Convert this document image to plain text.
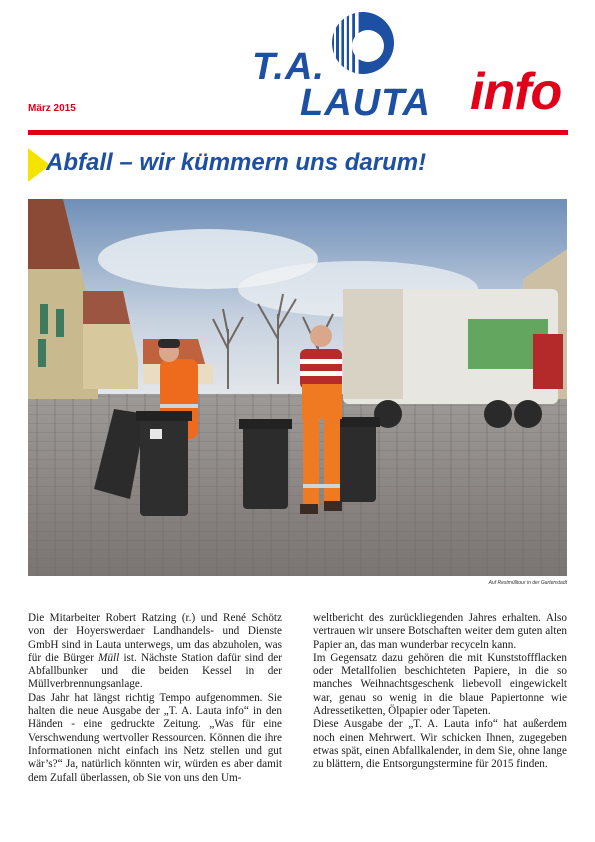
März 2015
T.A.
LAUTA info
Abfall – wir kümmern uns darum!
Auf Restmülltour in der Gartenstadt

Die Mitarbeiter Robert Ratzing (r.) und René Schötz von der Hoyerswerdaer Landhandels- und Dienste GmbH sind in Lauta unterwegs, um das abzuholen, was für die Bürger Müll ist. Nächste Station dafür sind der Abfallbunker und die beiden Kessel in der Müllverbrennungsanlage.

Das Jahr hat längst richtig Tempo aufgenommen. Sie halten die neue Ausgabe der „T. A. Lauta info“ in den Händen - eine gedruckte Zeitung. „Was für eine Verschwendung wertvoller Ressourcen. Können die ihre Informationen nicht einfach ins Netz stellen und gut wär’s?“ Ja, natürlich könnten wir, würden es aber damit dem Zufall überlassen, ob Sie von uns den Um-

weltbericht des zurückliegenden Jahres erhalten. Also vertrauen wir unsere Botschaften weiter dem guten alten Papier an, das man wunderbar recyceln kann.

Im Gegensatz dazu gehören die mit Kunststoffflacken oder Metallfolien beschichteten Papiere, in die so manches Weihnachtsgeschenk liebevoll eingewickelt war, genau so wenig in die blaue Papiertonne wie Adressetiketten, Ölpapier oder Tapeten.

Diese Ausgabe der „T. A. Lauta info“ hat außerdem noch einen Mehrwert. Wir schicken Ihnen, zugegeben etwas spät, einen Abfallkalender, in dem Sie, ohne lange zu blättern, die Entsorgungstermine für 2015 finden.
